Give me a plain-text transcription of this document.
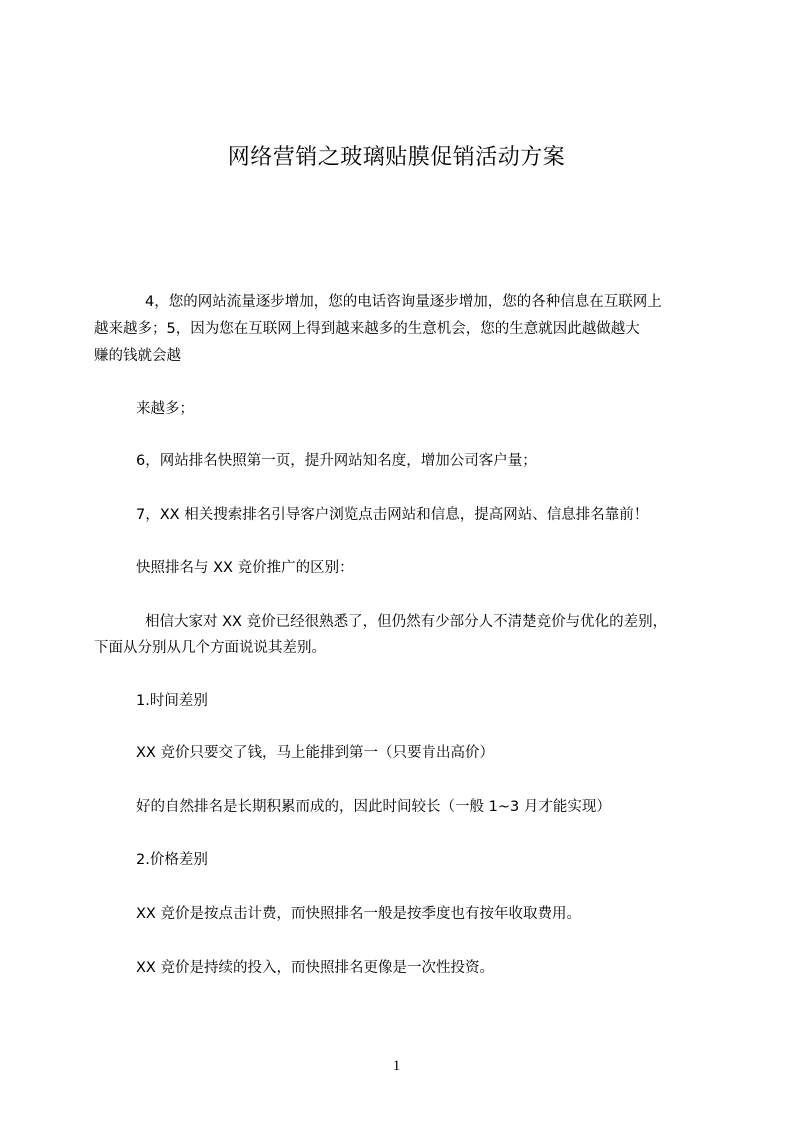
网络营销之玻璃贴膜促销活动方案
4，您的网站流量逐步增加，您的电话咨询量逐步增加，您的各种信息在互联网上
越来越多；5，因为您在互联网上得到越来越多的生意机会，您的生意就因此越做越大
赚的钱就会越
来越多；
6，网站排名快照第一页，提升网站知名度，增加公司客户量；
7，XX 相关搜索排名引导客户浏览点击网站和信息，提高网站、信息排名靠前！
快照排名与 XX 竞价推广的区别：
相信大家对 XX 竞价已经很熟悉了，但仍然有少部分人不清楚竞价与优化的差别，
下面从分别从几个方面说说其差别。
1.时间差别
XX 竞价只要交了钱，马上能排到第一（只要肯出高价）
好的自然排名是长期积累而成的，因此时间较长（一般 1~3 月才能实现）
2.价格差别
XX 竞价是按点击计费，而快照排名一般是按季度也有按年收取费用。
XX 竞价是持续的投入，而快照排名更像是一次性投资。
1
